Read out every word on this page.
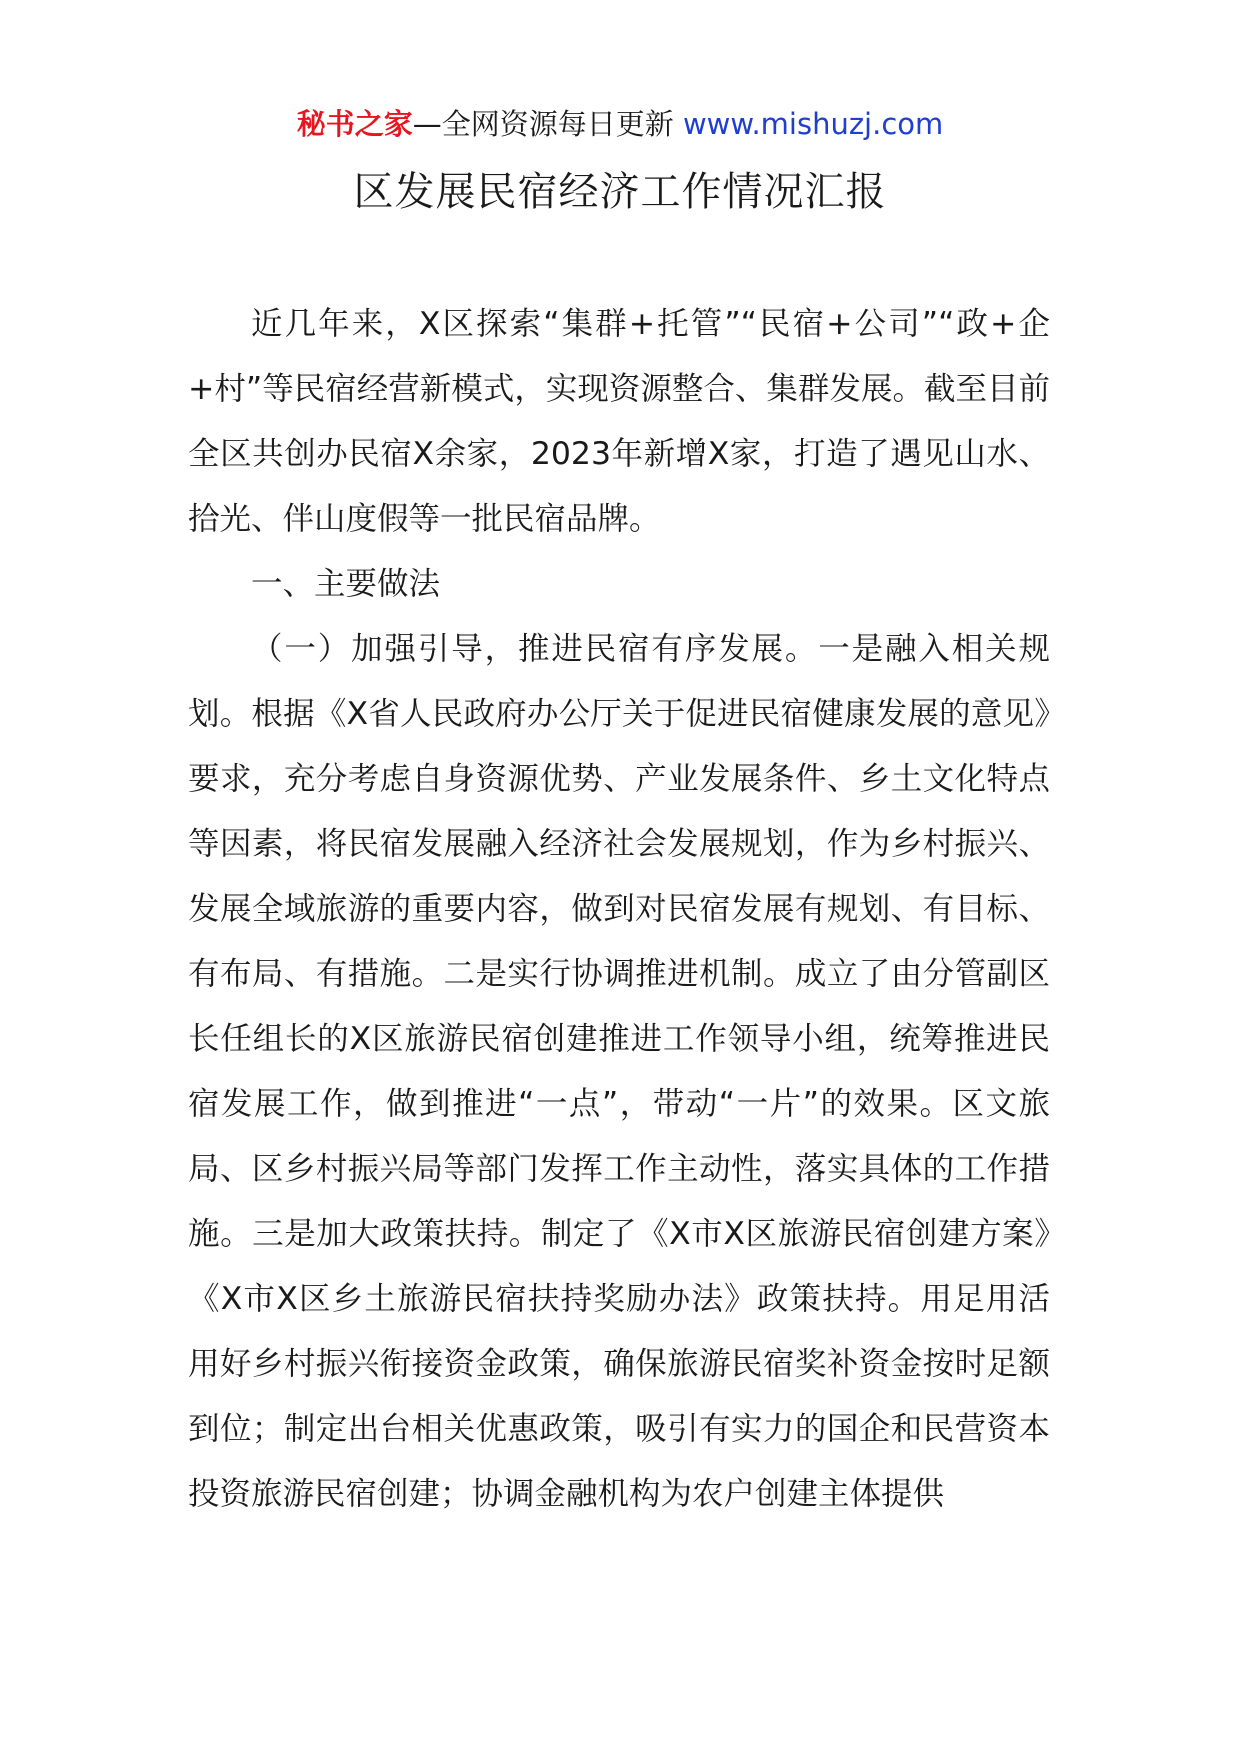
秘书之家—全网资源每日更新 www.mishuzj.com
区发展民宿经济工作情况汇报

近几年来，X区探索“集群+托管”“民宿+公司”“政+企+村”等民宿经营新模式，实现资源整合、集群发展。截至目前全区共创办民宿X余家，2023年新增X家，打造了遇见山水、拾光、伴山度假等一批民宿品牌。

一、主要做法

（一）加强引导，推进民宿有序发展。一是融入相关规划。根据《X省人民政府办公厅关于促进民宿健康发展的意见》要求，充分考虑自身资源优势、产业发展条件、乡土文化特点等因素，将民宿发展融入经济社会发展规划，作为乡村振兴、发展全域旅游的重要内容，做到对民宿发展有规划、有目标、有布局、有措施。二是实行协调推进机制。成立了由分管副区长任组长的X区旅游民宿创建推进工作领导小组，统筹推进民宿发展工作，做到推进“一点”，带动“一片”的效果。区文旅局、区乡村振兴局等部门发挥工作主动性，落实具体的工作措施。三是加大政策扶持。制定了《X市X区旅游民宿创建方案》《X市X区乡土旅游民宿扶持奖励办法》政策扶持。用足用活用好乡村振兴衔接资金政策，确保旅游民宿奖补资金按时足额到位；制定出台相关优惠政策，吸引有实力的国企和民营资本投资旅游民宿创建；协调金融机构为农户创建主体提供
